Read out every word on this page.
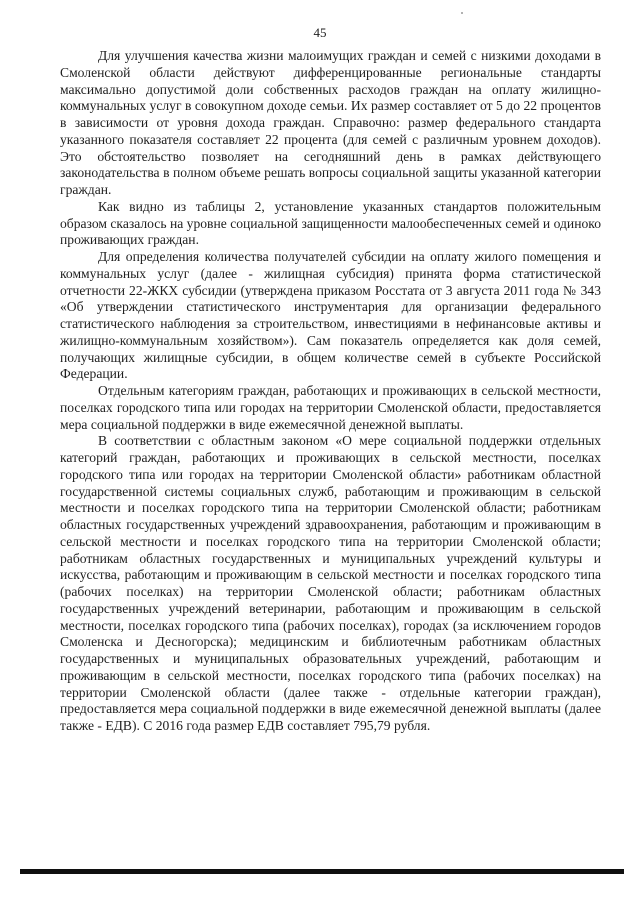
45

Для улучшения качества жизни малоимущих граждан и семей с низкими доходами в Смоленской области действуют дифференцированные региональные стандарты максимально допустимой доли собственных расходов граждан на оплату жилищно-коммунальных услуг в совокупном доходе семьи. Их размер составляет от 5 до 22 процентов в зависимости от уровня дохода граждан. Справочно: размер федерального стандарта указанного показателя составляет 22 процента (для семей с различным уровнем доходов). Это обстоятельство позволяет на сегодняшний день в рамках действующего законодательства в полном объеме решать вопросы социальной защиты указанной категории граждан.

Как видно из таблицы 2, установление указанных стандартов положительным образом сказалось на уровне социальной защищенности малообеспеченных семей и одиноко проживающих граждан.

Для определения количества получателей субсидии на оплату жилого помещения и коммунальных услуг (далее - жилищная субсидия) принята форма статистической отчетности 22-ЖКХ субсидии (утверждена приказом Росстата от 3 августа 2011 года № 343 «Об утверждении статистического инструментария для организации федерального статистического наблюдения за строительством, инвестициями в нефинансовые активы и жилищно-коммунальным хозяйством»). Сам показатель определяется как доля семей, получающих жилищные субсидии, в общем количестве семей в субъекте Российской Федерации.

Отдельным категориям граждан, работающих и проживающих в сельской местности, поселках городского типа или городах на территории Смоленской области, предоставляется мера социальной поддержки в виде ежемесячной денежной выплаты.

В соответствии с областным законом «О мере социальной поддержки отдельных категорий граждан, работающих и проживающих в сельской местности, поселках городского типа или городах на территории Смоленской области» работникам областной государственной системы социальных служб, работающим и проживающим в сельской местности и поселках городского типа на территории Смоленской области; работникам областных государственных учреждений здравоохранения, работающим и проживающим в сельской местности и поселках городского типа на территории Смоленской области; работникам областных государственных и муниципальных учреждений культуры и искусства, работающим и проживающим в сельской местности и поселках городского типа (рабочих поселках) на территории Смоленской области; работникам областных государственных учреждений ветеринарии, работающим и проживающим в сельской местности, поселках городского типа (рабочих поселках), городах (за исключением городов Смоленска и Десногорска); медицинским и библиотечным работникам областных государственных и муниципальных образовательных учреждений, работающим и проживающим в сельской местности, поселках городского типа (рабочих поселках) на территории Смоленской области (далее также - отдельные категории граждан), предоставляется мера социальной поддержки в виде ежемесячной денежной выплаты (далее также - ЕДВ). С 2016 года размер ЕДВ составляет 795,79 рубля.
